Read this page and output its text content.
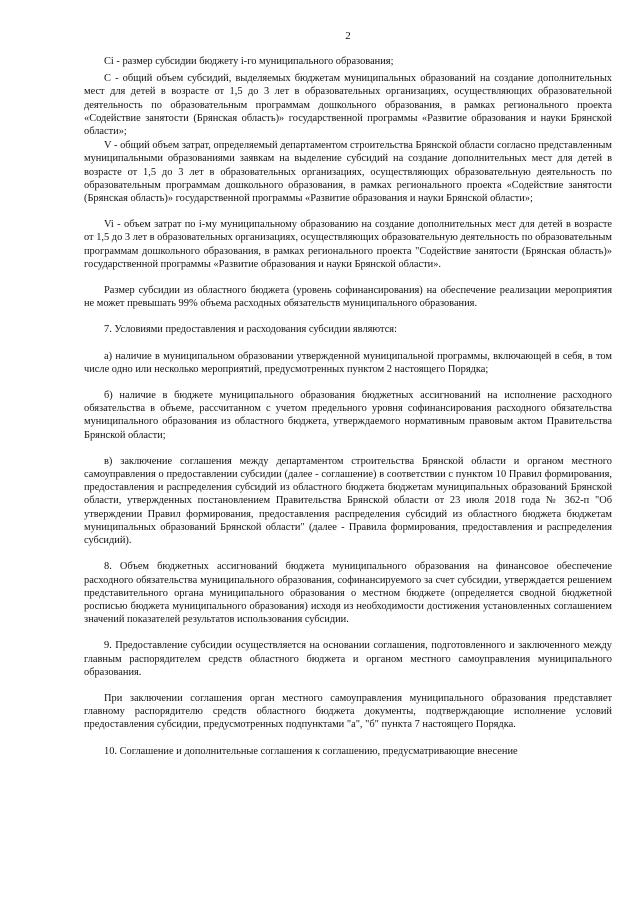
2

Ci - размер субсидии бюджету i-го муниципального образования;

C - общий объем субсидий, выделяемых бюджетам муниципальных образований на создание дополнительных мест для детей в возрасте от 1,5 до 3 лет в образовательных организациях, осуществляющих образовательной деятельность по образовательным программам дошкольного образования, в рамках регионального проекта «Содействие занятости (Брянская область)» государственной программы «Развитие образования и науки Брянской области»;

V - общий объем затрат, определяемый департаментом строительства Брянской области согласно представленным муниципальными образованиями заявкам на выделение субсидий на создание дополнительных мест для детей в возрасте от 1,5 до 3 лет в образовательных организациях, осуществляющих образовательную деятельность по образовательным программам дошкольного образования, в рамках регионального проекта «Содействие занятости (Брянская область)» государственной программы «Развитие образования и науки Брянской области»;

Vi - объем затрат по i-му муниципальному образованию на создание дополнительных мест для детей в возрасте от 1,5 до 3 лет в образовательных организациях, осуществляющих образовательную деятельность по образовательным программам дошкольного образования, в рамках регионального проекта "Содействие занятости (Брянская область)» государственной программы «Развитие образования и науки Брянской области».

Размер субсидии из областного бюджета (уровень софинансирования) на обеспечение реализации мероприятия не может превышать 99% объема расходных обязательств муниципального образования.

7. Условиями предоставления и расходования субсидии являются:

а) наличие в муниципальном образовании утвержденной муниципальной программы, включающей в себя, в том числе одно или несколько мероприятий, предусмотренных пунктом 2 настоящего Порядка;

б) наличие в бюджете муниципального образования бюджетных ассигнований на исполнение расходного обязательства в объеме, рассчитанном с учетом предельного уровня софинансирования расходного обязательства муниципального образования из областного бюджета, утверждаемого нормативным правовым актом Правительства Брянской области;

в) заключение соглашения между департаментом строительства Брянской области и органом местного самоуправления о предоставлении субсидии (далее - соглашение) в соответствии с пунктом 10 Правил формирования, предоставления и распределения субсидий из областного бюджета бюджетам муниципальных образований Брянской области, утвержденных постановлением Правительства Брянской области от 23 июля 2018 года № 362-п "Об утверждении Правил формирования, предоставления распределения субсидий из областного бюджета бюджетам муниципальных образований Брянской области" (далее - Правила формирования, предоставления и распределения субсидий).

8. Объем бюджетных ассигнований бюджета муниципального образования на финансовое обеспечение расходного обязательства муниципального образования, софинансируемого за счет субсидии, утверждается решением представительного органа муниципального образования о местном бюджете (определяется сводной бюджетной росписью бюджета муниципального образования) исходя из необходимости достижения установленных соглашением значений показателей результатов использования субсидии.

9. Предоставление субсидии осуществляется на основании соглашения, подготовленного и заключенного между главным распорядителем средств областного бюджета и органом местного самоуправления муниципального образования.

При заключении соглашения орган местного самоуправления муниципального образования представляет главному распорядителю средств областного бюджета документы, подтверждающие исполнение условий предоставления субсидии, предусмотренных подпунктами "а", "б" пункта 7 настоящего Порядка.

10. Соглашение и дополнительные соглашения к соглашению, предусматривающие внесение
